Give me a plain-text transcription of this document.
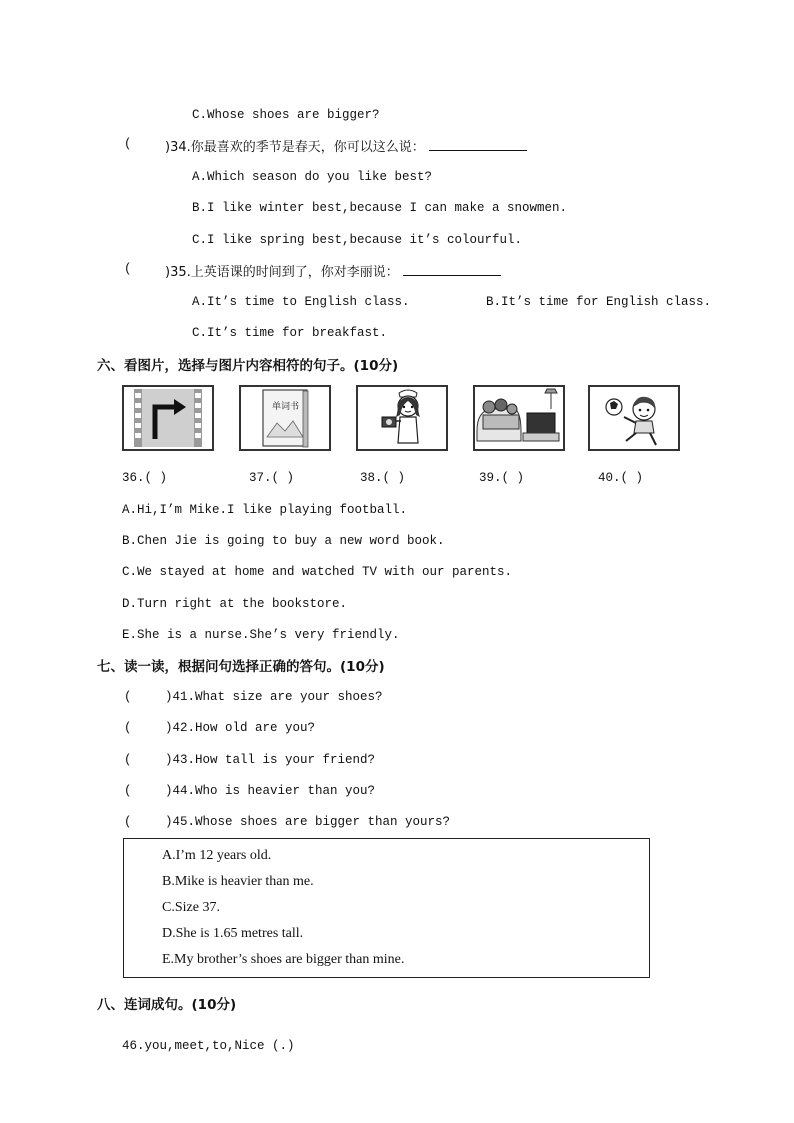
C.Whose shoes are bigger?
(	)34.你最喜欢的季节是春天，你可以这么说：
A.Which season do you like best?
B.I like winter best,because I can make a snowmen.
C.I like spring best,because it’s colourful.
(	)35.上英语课的时间到了，你对李丽说：
A.It’s time to English class.	B.It’s time for English class.
C.It’s time for breakfast.
六、看图片，选择与图片内容相符的句子。(10分)
单词书
36.( )	37.( )	38.( )	39.( )	40.( )
A.Hi,I’m Mike.I like playing football.
B.Chen Jie is going to buy a new word book.
C.We stayed at home and watched TV with our parents.
D.Turn right at the bookstore.
E.She is a nurse.She’s very friendly.
七、读一读，根据问句选择正确的答句。(10分)
(	)41.What size are your shoes?
(	)42.How old are you?
(	)43.How tall is your friend?
(	)44.Who is heavier than you?
(	)45.Whose shoes are bigger than yours?
A.I’m 12 years old.
B.Mike is heavier than me.
C.Size 37.
D.She is 1.65 metres tall.
E.My brother’s shoes are bigger than mine.
八、连词成句。(10分)
46.you,meet,to,Nice (.)
